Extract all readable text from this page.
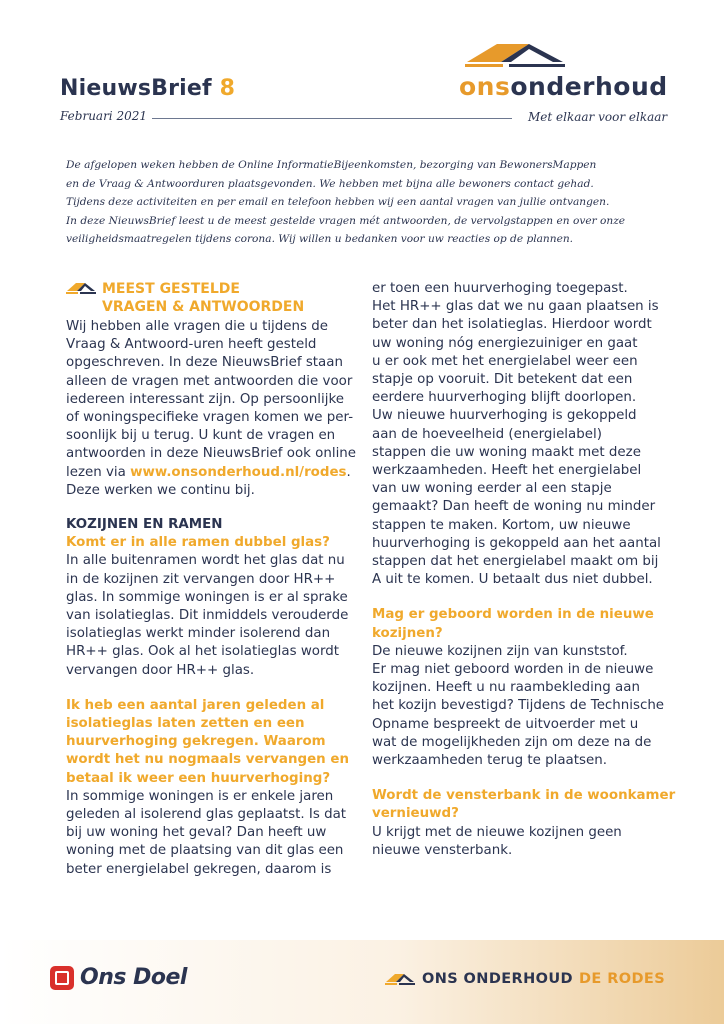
NieuwsBrief 8
Februari 2021
onsonderhoud
Met elkaar voor elkaar

De afgelopen weken hebben de Online InformatieBijeenkomsten, bezorging van BewonersMappen

en de Vraag & Antwoorduren plaatsgevonden. We hebben met bijna alle bewoners contact gehad.

Tijdens deze activiteiten en per email en telefoon hebben wij een aantal vragen van jullie ontvangen.

In deze NieuwsBrief leest u de meest gestelde vragen mét antwoorden, de vervolgstappen en over onze

veiligheidsmaatregelen tijdens corona. Wij willen u bedanken voor uw reacties op de plannen.

MEEST GESTELDE
VRAGEN & ANTWOORDEN
Wij hebben alle vragen die u tijdens de
Vraag & Antwoord-uren heeft gesteld
opgeschreven. In deze NieuwsBrief staan
alleen de vragen met antwoorden die voor
iedereen interessant zijn. Op persoonlijke
of woningspecifieke vragen komen we per-
soonlijk bij u terug. U kunt de vragen en
antwoorden in deze NieuwsBrief ook online
lezen via www.onsonderhoud.nl/rodes.
Deze werken we continu bij.
KOZIJNEN EN RAMEN
Komt er in alle ramen dubbel glas?
In alle buitenramen wordt het glas dat nu
in de kozijnen zit vervangen door HR++
glas. In sommige woningen is er al sprake
van isolatieglas. Dit inmiddels verouderde
isolatieglas werkt minder isolerend dan
HR++ glas. Ook al het isolatieglas wordt
vervangen door HR++ glas.
Ik heb een aantal jaren geleden al
isolatieglas laten zetten en een
huurverhoging gekregen. Waarom
wordt het nu nogmaals vervangen en
betaal ik weer een huurverhoging?
In sommige woningen is er enkele jaren
geleden al isolerend glas geplaatst. Is dat
bij uw woning het geval? Dan heeft uw
woning met de plaatsing van dit glas een
beter energielabel gekregen, daarom is
er toen een huurverhoging toegepast.
Het HR++ glas dat we nu gaan plaatsen is
beter dan het isolatieglas. Hierdoor wordt
uw woning nóg energiezuiniger en gaat
u er ook met het energielabel weer een
stapje op vooruit. Dit betekent dat een
eerdere huurverhoging blijft doorlopen.
Uw nieuwe huurverhoging is gekoppeld
aan de hoeveelheid (energielabel)
stappen die uw woning maakt met deze
werkzaamheden. Heeft het energielabel
van uw woning eerder al een stapje
gemaakt? Dan heeft de woning nu minder
stappen te maken. Kortom, uw nieuwe
huurverhoging is gekoppeld aan het aantal
stappen dat het energielabel maakt om bij
A uit te komen. U betaalt dus niet dubbel.
Mag er geboord worden in de nieuwe
kozijnen?
De nieuwe kozijnen zijn van kunststof.
Er mag niet geboord worden in de nieuwe
kozijnen. Heeft u nu raambekleding aan
het kozijn bevestigd? Tijdens de Technische
Opname bespreekt de uitvoerder met u
wat de mogelijkheden zijn om deze na de
werkzaamheden terug te plaatsen.
Wordt de vensterbank in de woonkamer
vernieuwd?
U krijgt met de nieuwe kozijnen geen
nieuwe vensterbank.
Ons Doel	ONS ONDERHOUD DE RODES
